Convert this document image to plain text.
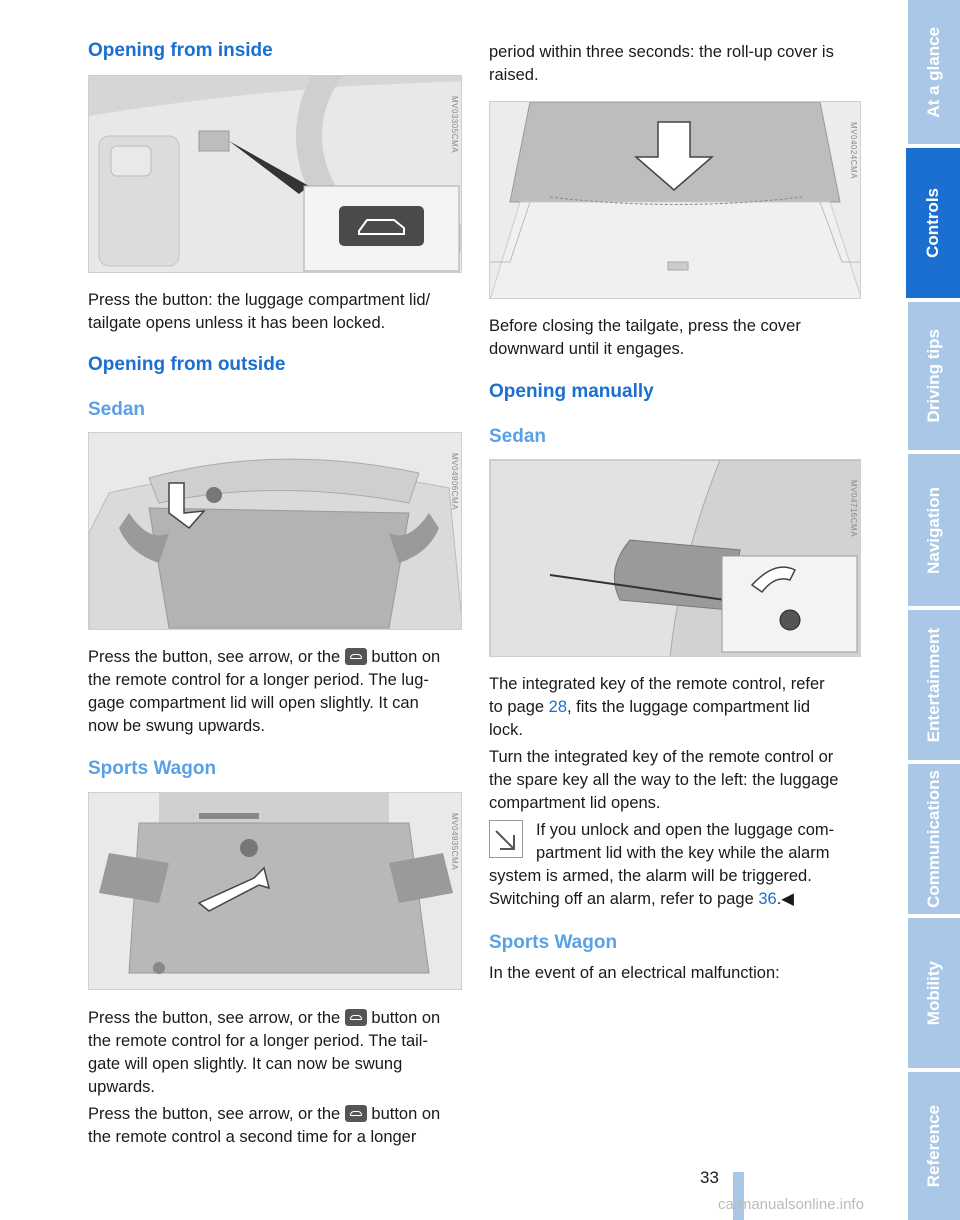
Opening from inside
MV03305CMA

Press the button: the luggage compartment lid/

tailgate opens unless it has been locked.

Opening from outside
Sedan
MV04906CMA

Press the button, see arrow, or the  button on

the remote control for a longer period. The lug-

gage compartment lid will open slightly. It can

now be swung upwards.

Sports Wagon
MV04935CMA

Press the button, see arrow, or the  button on

the remote control for a longer period. The tail-

gate will open slightly. It can now be swung

upwards.

Press the button, see arrow, or the  button on

the remote control a second time for a longer

period within three seconds: the roll-up cover is

raised.

MV04024CMA

Before closing the tailgate, press the cover

downward until it engages.

Opening manually
Sedan
MV04716CMA

The integrated key of the remote control, refer

to page 28, fits the luggage compartment lid

lock.

Turn the integrated key of the remote control or

the spare key all the way to the left: the luggage

compartment lid opens.

If you unlock and open the luggage com-

partment lid with the key while the alarm

system is armed, the alarm will be triggered.

Switching off an alarm, refer to page 36.◀

Sports Wagon

In the event of an electrical malfunction:

At a glance
Controls
Driving tips
Navigation
Entertainment
Communications
Mobility
Reference
33
carmanualsonline.info
